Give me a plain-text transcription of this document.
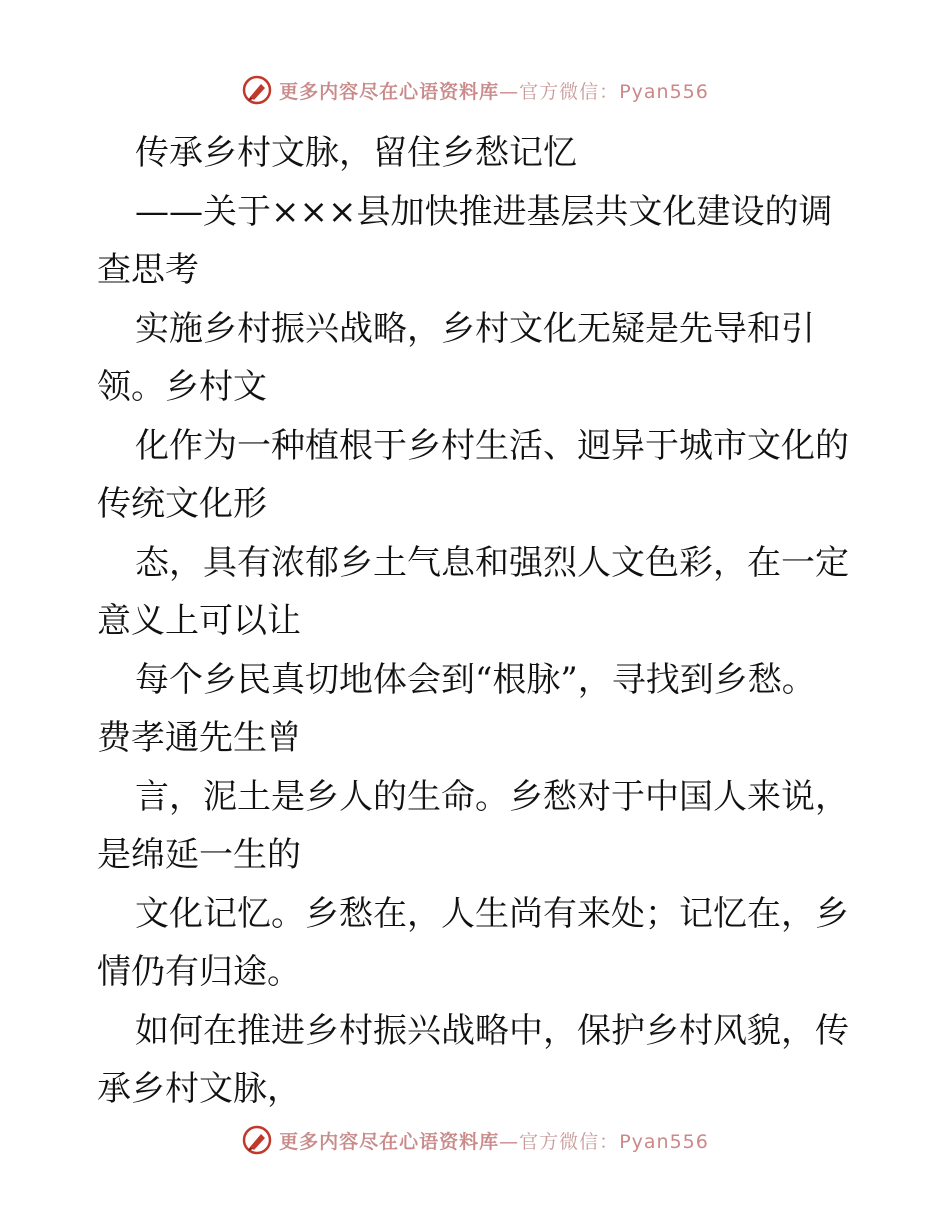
更多内容尽在心语资料库—官方微信：Pyan556
传承乡村文脉，留住乡愁记忆
——关于×××县加快推进基层共文化建设的调
查思考
实施乡村振兴战略，乡村文化无疑是先导和引
领。乡村文
化作为一种植根于乡村生活、迥异于城市文化的
传统文化形
态，具有浓郁乡土气息和强烈人文色彩，在一定
意义上可以让
每个乡民真切地体会到“根脉”，寻找到乡愁。
费孝通先生曾
言，泥土是乡人的生命。乡愁对于中国人来说，
是绵延一生的
文化记忆。乡愁在，人生尚有来处；记忆在，乡
情仍有归途。
如何在推进乡村振兴战略中，保护乡村风貌，传
承乡村文脉，
更多内容尽在心语资料库—官方微信：Pyan556
